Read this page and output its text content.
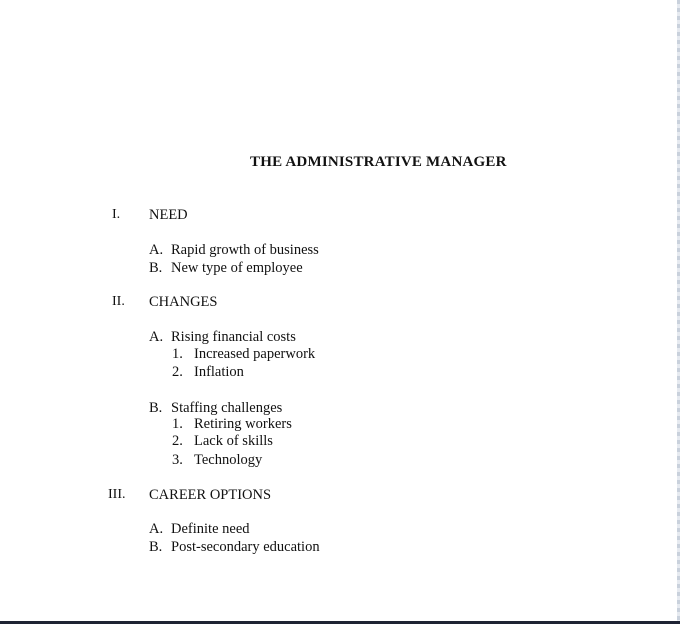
THE ADMINISTRATIVE MANAGER
I. NEED
A. Rapid growth of business
B. New type of employee
II. CHANGES
A. Rising financial costs
1. Increased paperwork
2. Inflation
B. Staffing challenges
1. Retiring workers
2. Lack of skills
3. Technology
III. CAREER OPTIONS
A. Definite need
B. Post-secondary education
